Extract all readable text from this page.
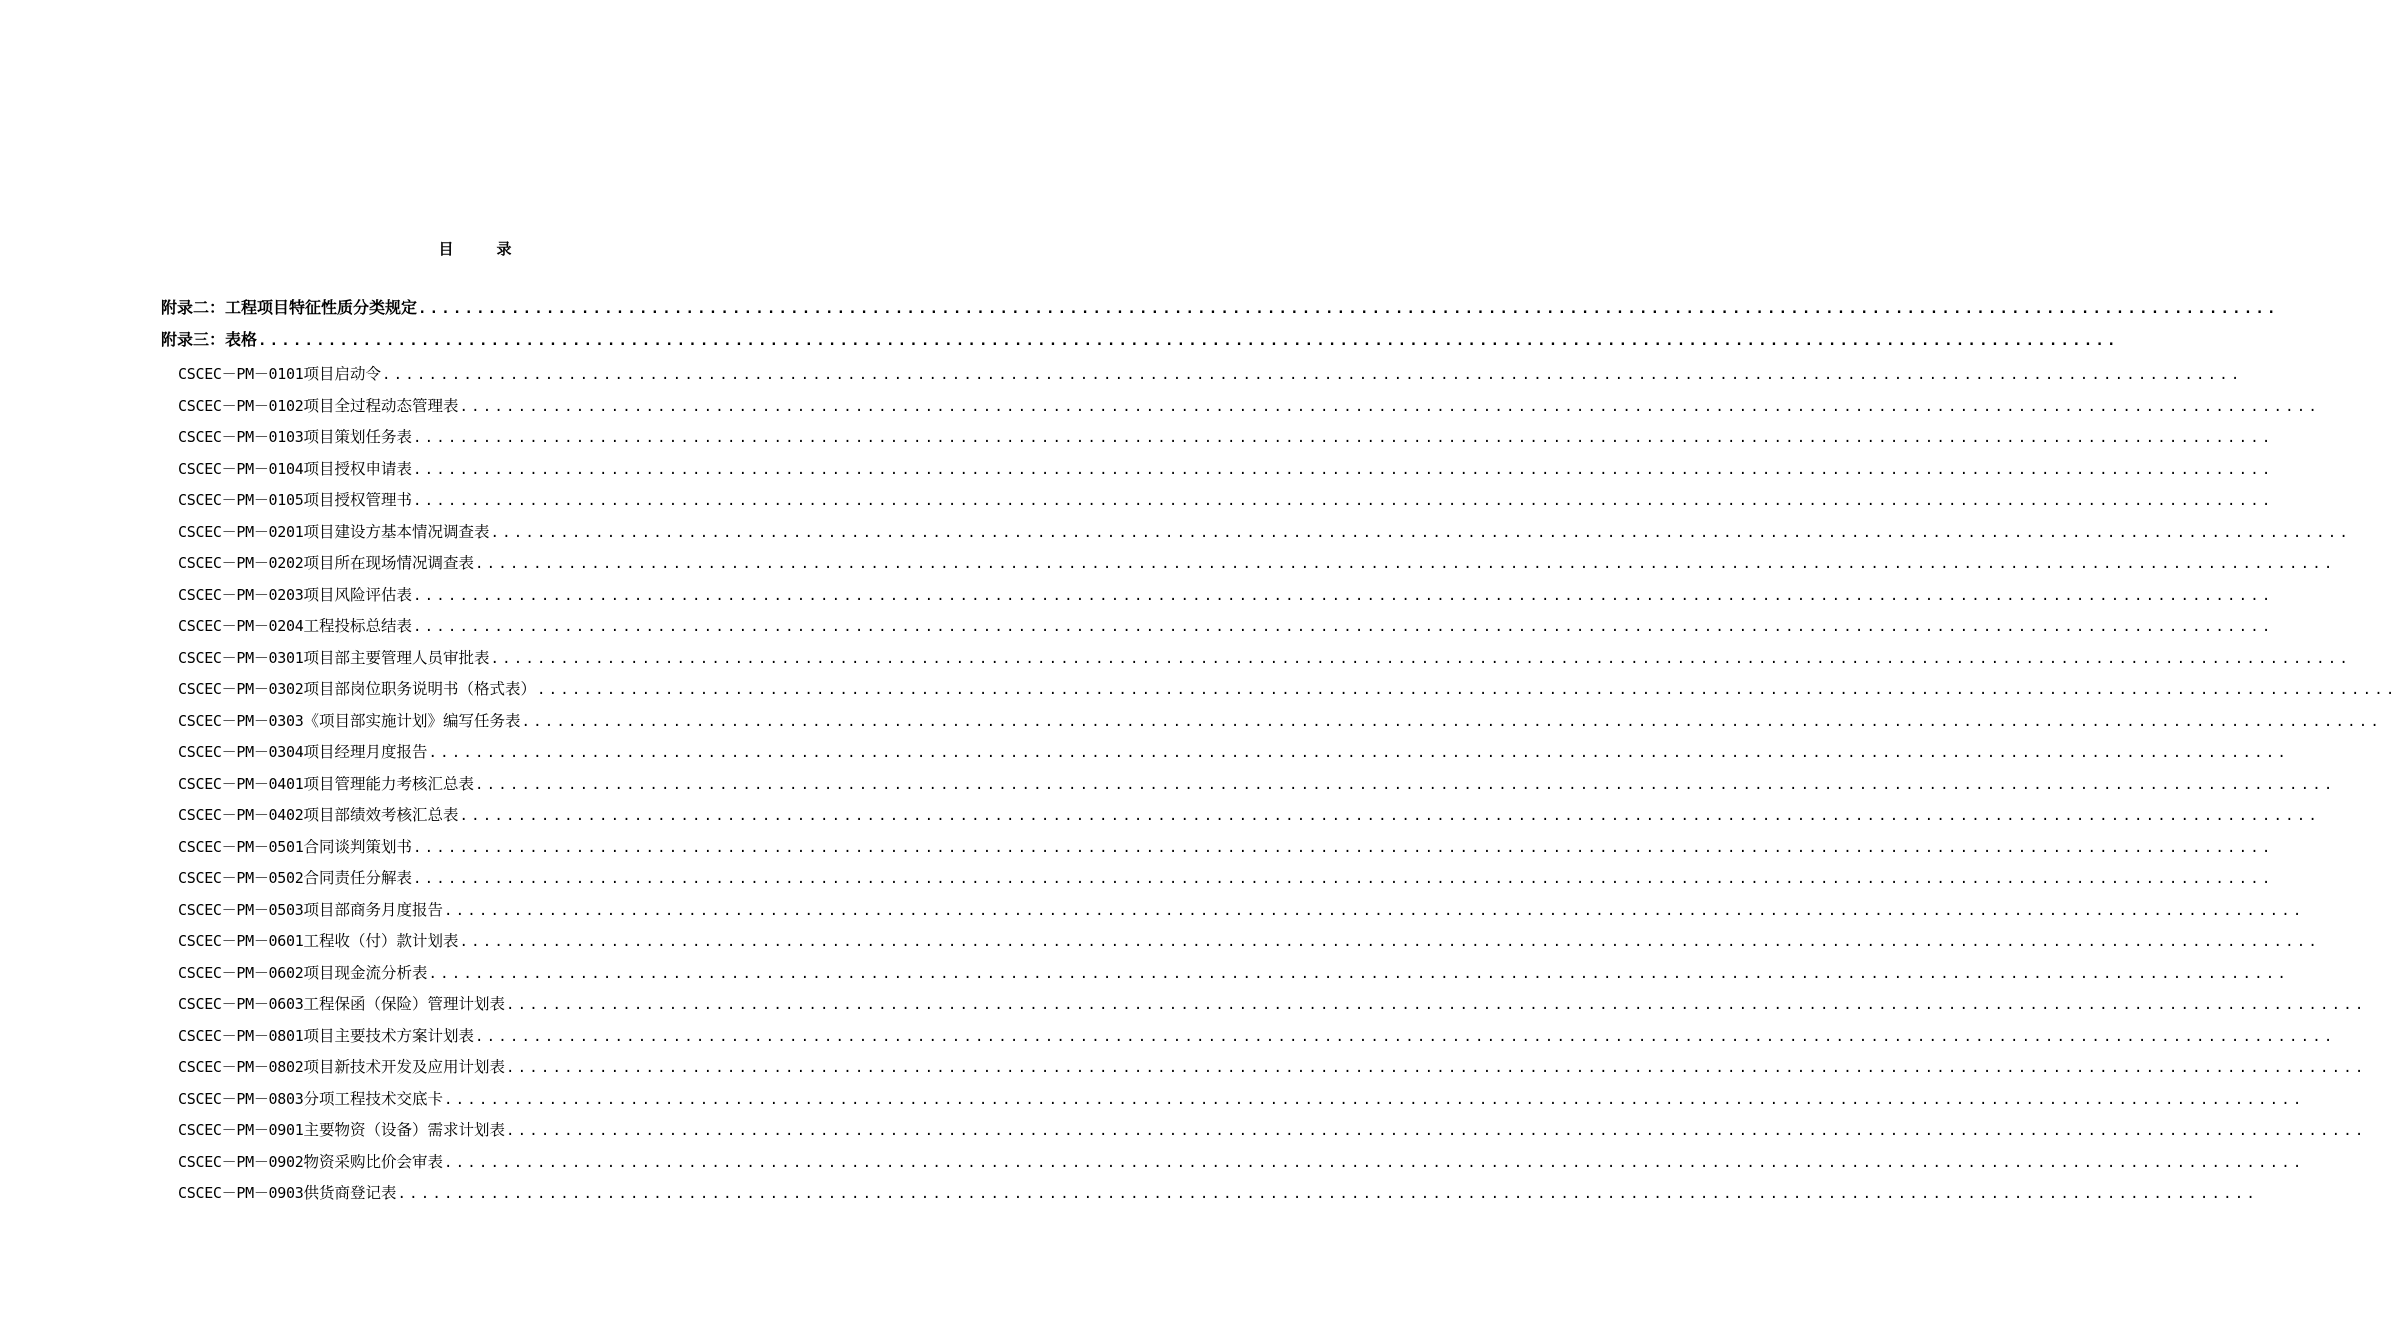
目　录
附录二：工程项目特征性质分类规定 ................................................................................................................................................................
附录三：表格 ................................................................................................................................................................
CSCEC－PM－0101 项目启动令 ................................................................................................................................................................
CSCEC－PM－0102 项目全过程动态管理表 ................................................................................................................................................................
CSCEC－PM－0103 项目策划任务表 ................................................................................................................................................................
CSCEC－PM－0104 项目授权申请表 ................................................................................................................................................................
CSCEC－PM－0105 项目授权管理书 ................................................................................................................................................................
CSCEC－PM－0201 项目建设方基本情况调查表 ................................................................................................................................................................
CSCEC－PM－0202 项目所在现场情况调查表 ................................................................................................................................................................
CSCEC－PM－0203 项目风险评估表 ................................................................................................................................................................
CSCEC－PM－0204 工程投标总结表 ................................................................................................................................................................
CSCEC－PM－0301 项目部主要管理人员审批表 ................................................................................................................................................................
CSCEC－PM－0302 项目部岗位职务说明书（格式表） ................................................................................................................................................................
CSCEC－PM－0303 《项目部实施计划》编写任务表 ................................................................................................................................................................
CSCEC－PM－0304 项目经理月度报告 ................................................................................................................................................................
CSCEC－PM－0401 项目管理能力考核汇总表 ................................................................................................................................................................
CSCEC－PM－0402 项目部绩效考核汇总表 ................................................................................................................................................................
CSCEC－PM－0501 合同谈判策划书 ................................................................................................................................................................
CSCEC－PM－0502 合同责任分解表 ................................................................................................................................................................
CSCEC－PM－0503 项目部商务月度报告 ................................................................................................................................................................
CSCEC－PM－0601 工程收（付）款计划表 ................................................................................................................................................................
CSCEC－PM－0602 项目现金流分析表 ................................................................................................................................................................
CSCEC－PM－0603 工程保函（保险）管理计划表 ................................................................................................................................................................
CSCEC－PM－0801 项目主要技术方案计划表 ................................................................................................................................................................
CSCEC－PM－0802 项目新技术开发及应用计划表 ................................................................................................................................................................
CSCEC－PM－0803 分项工程技术交底卡 ................................................................................................................................................................
CSCEC－PM－0901 主要物资（设备）需求计划表 ................................................................................................................................................................
CSCEC－PM－0902 物资采购比价会审表 ................................................................................................................................................................
CSCEC－PM－0903 供货商登记表 ................................................................................................................................................................
